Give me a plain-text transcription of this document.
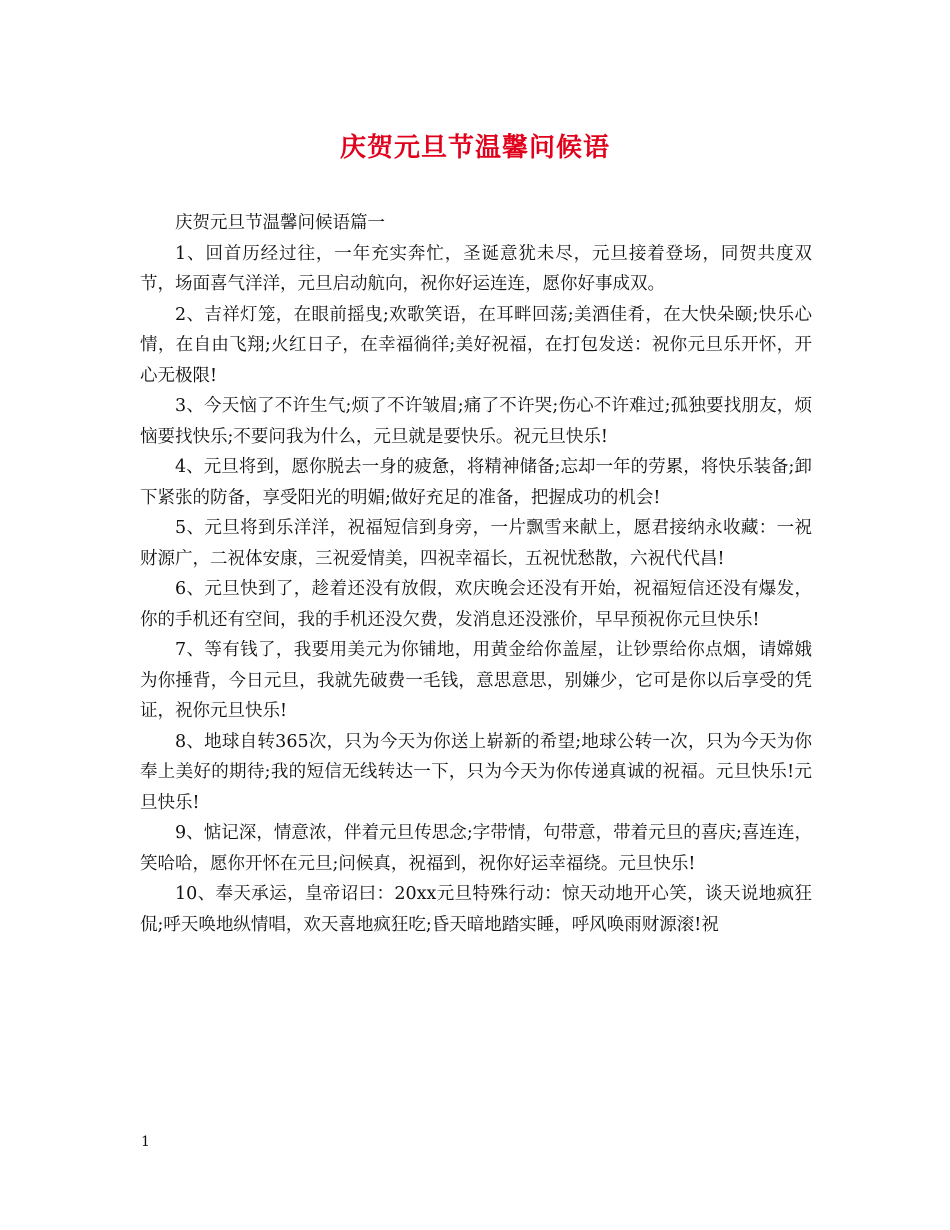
庆贺元旦节温馨问候语

庆贺元旦节温馨问候语篇一

1、回首历经过往，一年充实奔忙，圣诞意犹未尽，元旦接着登场，同贺共度双节，场面喜气洋洋，元旦启动航向，祝你好运连连，愿你好事成双。

2、吉祥灯笼，在眼前摇曳;欢歌笑语，在耳畔回荡;美酒佳肴，在大快朵颐;快乐心情，在自由飞翔;火红日子，在幸福徜徉;美好祝福，在打包发送：祝你元旦乐开怀，开心无极限!

3、今天恼了不许生气;烦了不许皱眉;痛了不许哭;伤心不许难过;孤独要找朋友，烦恼要找快乐;不要问我为什么，元旦就是要快乐。祝元旦快乐!

4、元旦将到，愿你脱去一身的疲惫，将精神储备;忘却一年的劳累，将快乐装备;卸下紧张的防备，享受阳光的明媚;做好充足的准备，把握成功的机会!

5、元旦将到乐洋洋，祝福短信到身旁，一片飘雪来献上，愿君接纳永收藏：一祝财源广，二祝体安康，三祝爱情美，四祝幸福长，五祝忧愁散，六祝代代昌!

6、元旦快到了，趁着还没有放假，欢庆晚会还没有开始，祝福短信还没有爆发，你的手机还有空间，我的手机还没欠费，发消息还没涨价，早早预祝你元旦快乐!

7、等有钱了，我要用美元为你铺地，用黄金给你盖屋，让钞票给你点烟，请嫦娥为你捶背，今日元旦，我就先破费一毛钱，意思意思，别嫌少，它可是你以后享受的凭证，祝你元旦快乐!

8、地球自转365次，只为今天为你送上崭新的希望;地球公转一次，只为今天为你奉上美好的期待;我的短信无线转达一下，只为今天为你传递真诚的祝福。元旦快乐!元旦快乐!

9、惦记深，情意浓，伴着元旦传思念;字带情，句带意，带着元旦的喜庆;喜连连，笑哈哈，愿你开怀在元旦;问候真，祝福到，祝你好运幸福绕。元旦快乐!

10、奉天承运，皇帝诏曰：20xx元旦特殊行动：惊天动地开心笑，谈天说地疯狂侃;呼天唤地纵情唱，欢天喜地疯狂吃;昏天暗地踏实睡，呼风唤雨财源滚!祝

1
